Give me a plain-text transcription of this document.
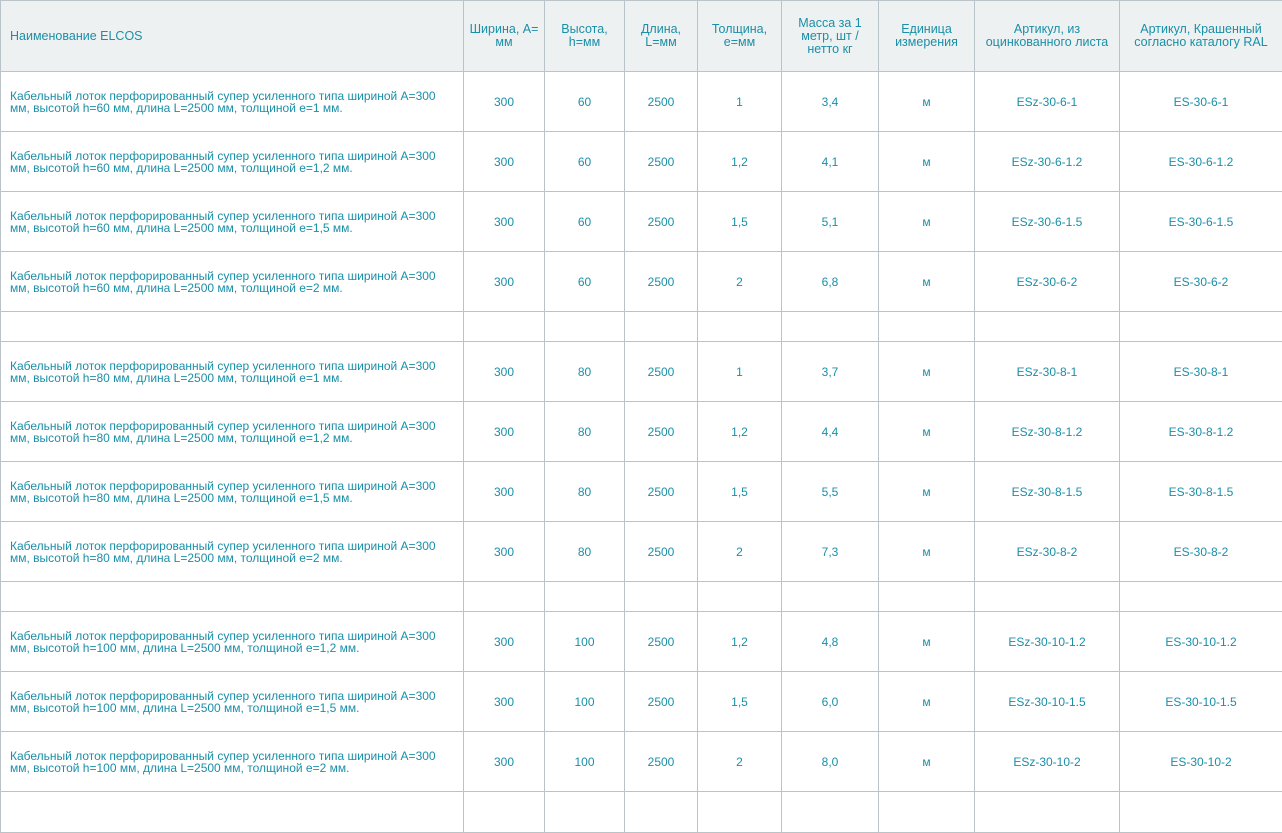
Наименование ELCOS	Ширина, A= мм	Высота, h=мм	Длина, L=мм	Толщина, e=мм	Масса за 1 метр, шт / нетто кг	Единица измерения	Артикул, из оцинкованного листа	Артикул, Крашенный согласно каталогу RAL
Кабельный лоток перфорированный супер усиленного типа шириной А=300 мм, высотой h=60 мм, длина L=2500 мм, толщиной е=1 мм.	300	60	2500	1	3,4	м	ESz-30-6-1	ES-30-6-1
Кабельный лоток перфорированный супер усиленного типа шириной А=300 мм, высотой h=60 мм, длина L=2500 мм, толщиной е=1,2 мм.	300	60	2500	1,2	4,1	м	ESz-30-6-1.2	ES-30-6-1.2
Кабельный лоток перфорированный супер усиленного типа шириной А=300 мм, высотой h=60 мм, длина L=2500 мм, толщиной е=1,5 мм.	300	60	2500	1,5	5,1	м	ESz-30-6-1.5	ES-30-6-1.5
Кабельный лоток перфорированный супер усиленного типа шириной А=300 мм, высотой h=60 мм, длина L=2500 мм, толщиной е=2 мм.	300	60	2500	2	6,8	м	ESz-30-6-2	ES-30-6-2

Кабельный лоток перфорированный супер усиленного типа шириной А=300 мм, высотой h=80 мм, длина L=2500 мм, толщиной е=1 мм.	300	80	2500	1	3,7	м	ESz-30-8-1	ES-30-8-1
Кабельный лоток перфорированный супер усиленного типа шириной А=300 мм, высотой h=80 мм, длина L=2500 мм, толщиной е=1,2 мм.	300	80	2500	1,2	4,4	м	ESz-30-8-1.2	ES-30-8-1.2
Кабельный лоток перфорированный супер усиленного типа шириной А=300 мм, высотой h=80 мм, длина L=2500 мм, толщиной е=1,5 мм.	300	80	2500	1,5	5,5	м	ESz-30-8-1.5	ES-30-8-1.5
Кабельный лоток перфорированный супер усиленного типа шириной А=300 мм, высотой h=80 мм, длина L=2500 мм, толщиной е=2 мм.	300	80	2500	2	7,3	м	ESz-30-8-2	ES-30-8-2

Кабельный лоток перфорированный супер усиленного типа шириной А=300 мм, высотой h=100 мм, длина L=2500 мм, толщиной е=1,2 мм.	300	100	2500	1,2	4,8	м	ESz-30-10-1.2	ES-30-10-1.2
Кабельный лоток перфорированный супер усиленного типа шириной А=300 мм, высотой h=100 мм, длина L=2500 мм, толщиной е=1,5 мм.	300	100	2500	1,5	6,0	м	ESz-30-10-1.5	ES-30-10-1.5
Кабельный лоток перфорированный супер усиленного типа шириной А=300 мм, высотой h=100 мм, длина L=2500 мм, толщиной е=2 мм.	300	100	2500	2	8,0	м	ESz-30-10-2	ES-30-10-2
